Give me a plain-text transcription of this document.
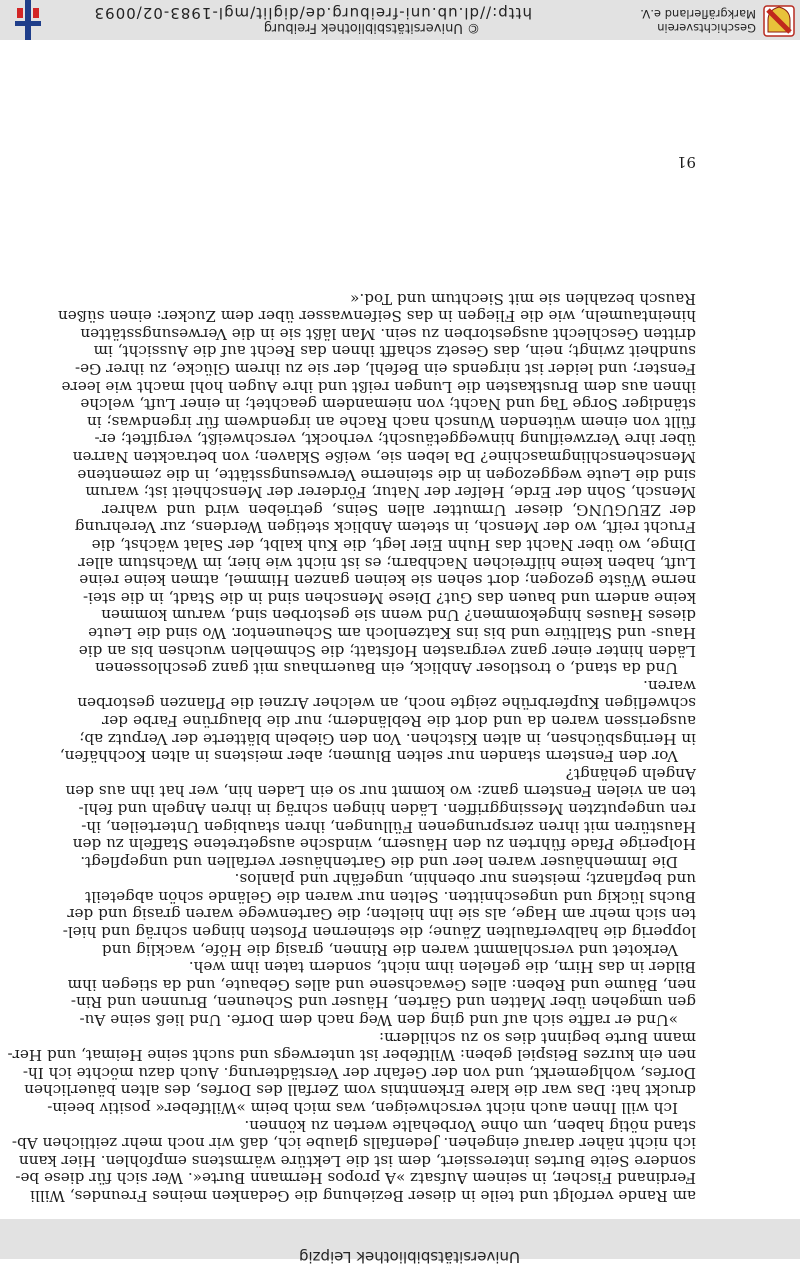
Universitätsbibliothek Leipzig
am Rande verfolgt und teile in dieser Beziehung die Gedanken meines Freundes, Willi
Ferdinand Fischer, in seinem Aufsatz »A propos Hermann Burte«. Wer sich für diese be-
sondere Seite Burtes interessiert, dem ist die Lektüre wärmstens empfohlen. Hier kann
ich nicht näher darauf eingehen. Jedenfalls glaube ich, daß wir noch mehr zeitlichen Ab-
stand nötig haben, um ohne Vorbehalte werten zu können.
Ich will Ihnen auch nicht verschweigen, was mich beim »Wiltfeber« positiv beein-
druckt hat: Das war die klare Erkenntnis vom Zerfall des Dorfes, des alten bäuerlichen
Dorfes, wohlgemerkt, und von der Gefahr der Verstädterung. Auch dazu möchte ich Ih-
nen ein kurzes Beispiel geben: Wiltfeber ist unterwegs und sucht seine Heimat, und Her-
mann Burte beginnt dies so zu schildern:
»Und er raffte sich auf und ging den Weg nach dem Dorfe. Und ließ seine Au-
gen umgehen über Matten und Gärten, Häuser und Scheunen, Brunnen und Rin-
nen, Bäume und Reben: alles Gewachsene und alles Gebaute, und da stiegen ihm
Bilder in das Hirn, die gefielen ihm nicht, sondern taten ihm weh.
Verkotet und verschlammt waren die Rinnen, grasig die Höfe, wacklig und
lopperig die halbverfaulten Zäune; die steinernen Pfosten hingen schräg und hiel-
ten sich mehr am Hage, als sie ihn hielten; die Gartenwege waren grasig und der
Buchs lückig und ungeschnitten. Selten nur waren die Gelände schön abgeteilt
und bepflanzt; meistens nur obenhin, ungefähr und planlos.
Die Immenhäuser waren leer und die Gartenhäuser verfallen und ungepflegt.
Holperige Pfade führten zu den Häusern, windsche ausgetretene Staffeln zu den
Haustüren mit ihren zersprungenen Füllungen, ihren staubigen Unterteilen, ih-
ren ungeputzten Messinggriffen. Läden hingen schräg in ihren Angeln und fehl-
ten an vielen Fenstern ganz: wo kommt nur so ein Laden hin, wer hat ihn aus den
Angeln gehängt?
Vor den Fenstern standen nur selten Blumen; aber meistens in alten Kochhäfen,
in Heringsbüchsen, in alten Kistchen. Von den Giebeln blätterte der Verputz ab;
ausgerissen waren da und dort die Rebländern; nur die blaugrüne Farbe der
schwefligen Kupferbrühe zeigte noch, an welcher Arznei die Pflanzen gestorben
waren.
Und da stand, o trostloser Anblick, ein Bauernhaus mit ganz geschlossenen
Läden hinter einer ganz vergrasten Hofstatt; die Schmehlen wuchsen bis an die
Haus- und Stalltüre und bis ins Katzenloch am Scheunentor. Wo sind die Leute
dieses Hauses hingekommen? Und wenn sie gestorben sind, warum kommen
keine andern und bauen das Gut? Diese Menschen sind in die Stadt, in die stei-
nerne Wüste gezogen; dort sehen sie keinen ganzen Himmel, atmen keine reine
Luft, haben keine hilfreichen Nachbarn; es ist nicht wie hier, im Wachstum aller
Dinge, wo über Nacht das Huhn Eier legt, die Kuh kalbt, der Salat wächst, die
Frucht reift, wo der Mensch, in stetem Anblick stetigen Werdens, zur Verehrung
der ZEUGUNG, dieser Urmutter allen Seins, getrieben wird und wahrer
Mensch, Sohn der Erde, Helfer der Natur, Förderer der Menschheit ist; warum
sind die Leute weggezogen in die steinerne Verwesungsstätte, in die zementene
Menschenschlingmaschine? Da leben sie, weiße Sklaven; von betrackten Narren
über ihre Verzweiflung hinweggetäuscht; verhockt, verschweißt, vergiftet; er-
füllt von einem wütenden Wunsch nach Rache an irgendwem für irgendwas; in
ständiger Sorge Tag und Nacht; von niemandem geachtet; in einer Luft, welche
ihnen aus dem Brustkasten die Lungen reißt und ihre Augen hohl macht wie leere
Fenster; und leider ist nirgends ein Befehl, der sie zu ihrem Glücke, zu ihrer Ge-
sundheit zwingt; nein, das Gesetz schafft ihnen das Recht auf die Aussicht, im
dritten Geschlecht ausgestorben zu sein. Man läßt sie in die Verwesungsstätten
hineintaumeln, wie die Fliegen in das Seifenwasser über dem Zucker: einen süßen
Rausch bezahlen sie mit Siechtum und Tod.«
91
Geschichtsverein
Markgräflerland e.V.
© Universitätsbibliothek Freiburg
http://dl.ub.uni-freiburg.de/diglit/mgl-1983-02/0093
